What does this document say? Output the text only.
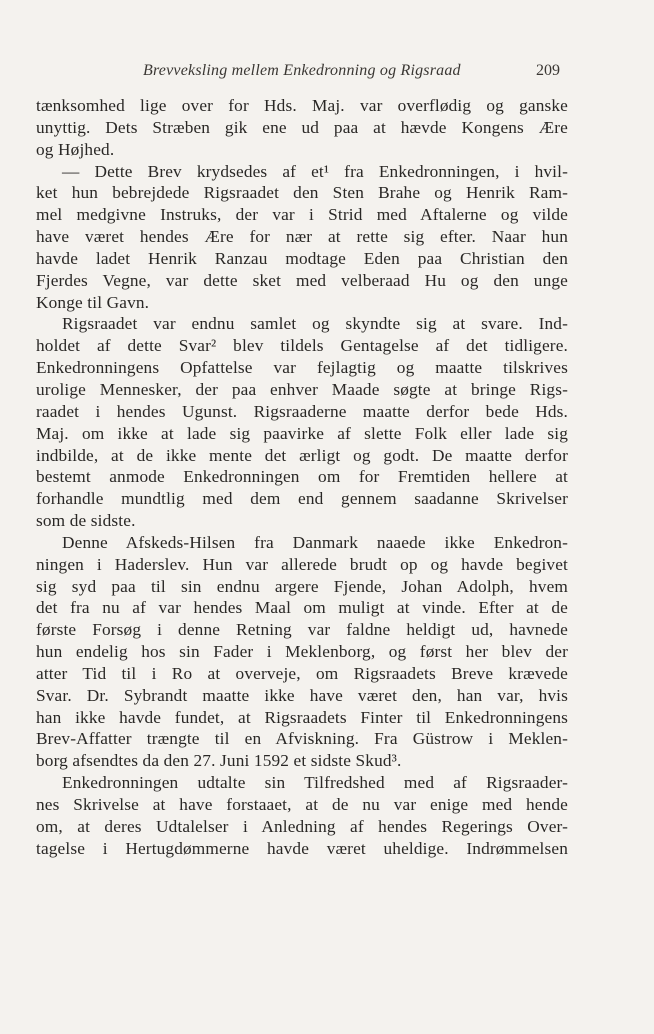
Brevveksling mellem Enkedronning og Rigsraad	209
tænksomhed lige over for Hds. Maj. var overflødig og ganske
unyttig. Dets Stræben gik ene ud paa at hævde Kongens Ære
og Højhed.
— Dette Brev krydsedes af et¹ fra Enkedronningen, i hvil-
ket hun bebrejdede Rigsraadet den Sten Brahe og Henrik Ram-
mel medgivne Instruks, der var i Strid med Aftalerne og vilde
have været hendes Ære for nær at rette sig efter. Naar hun
havde ladet Henrik Ranzau modtage Eden paa Christian den
Fjerdes Vegne, var dette sket med velberaad Hu og den unge
Konge til Gavn.
Rigsraadet var endnu samlet og skyndte sig at svare. Ind-
holdet af dette Svar² blev tildels Gentagelse af det tidligere.
Enkedronningens Opfattelse var fejlagtig og maatte tilskrives
urolige Mennesker, der paa enhver Maade søgte at bringe Rigs-
raadet i hendes Ugunst. Rigsraaderne maatte derfor bede Hds.
Maj. om ikke at lade sig paavirke af slette Folk eller lade sig
indbilde, at de ikke mente det ærligt og godt. De maatte derfor
bestemt anmode Enkedronningen om for Fremtiden hellere at
forhandle mundtlig med dem end gennem saadanne Skrivelser
som de sidste.
Denne Afskeds-Hilsen fra Danmark naaede ikke Enkedron-
ningen i Haderslev. Hun var allerede brudt op og havde begivet
sig syd paa til sin endnu argere Fjende, Johan Adolph, hvem
det fra nu af var hendes Maal om muligt at vinde. Efter at de
første Forsøg i denne Retning var faldne heldigt ud, havnede
hun endelig hos sin Fader i Meklenborg, og først her blev der
atter Tid til i Ro at overveje, om Rigsraadets Breve krævede
Svar. Dr. Sybrandt maatte ikke have været den, han var, hvis
han ikke havde fundet, at Rigsraadets Finter til Enkedronningens
Brev-Affatter trængte til en Afviskning. Fra Güstrow i Meklen-
borg afsendtes da den 27. Juni 1592 et sidste Skud³.
Enkedronningen udtalte sin Tilfredshed med af Rigsraader-
nes Skrivelse at have forstaaet, at de nu var enige med hende
om, at deres Udtalelser i Anledning af hendes Regerings Over-
tagelse i Hertugdømmerne havde været uheldige. Indrømmelsen
